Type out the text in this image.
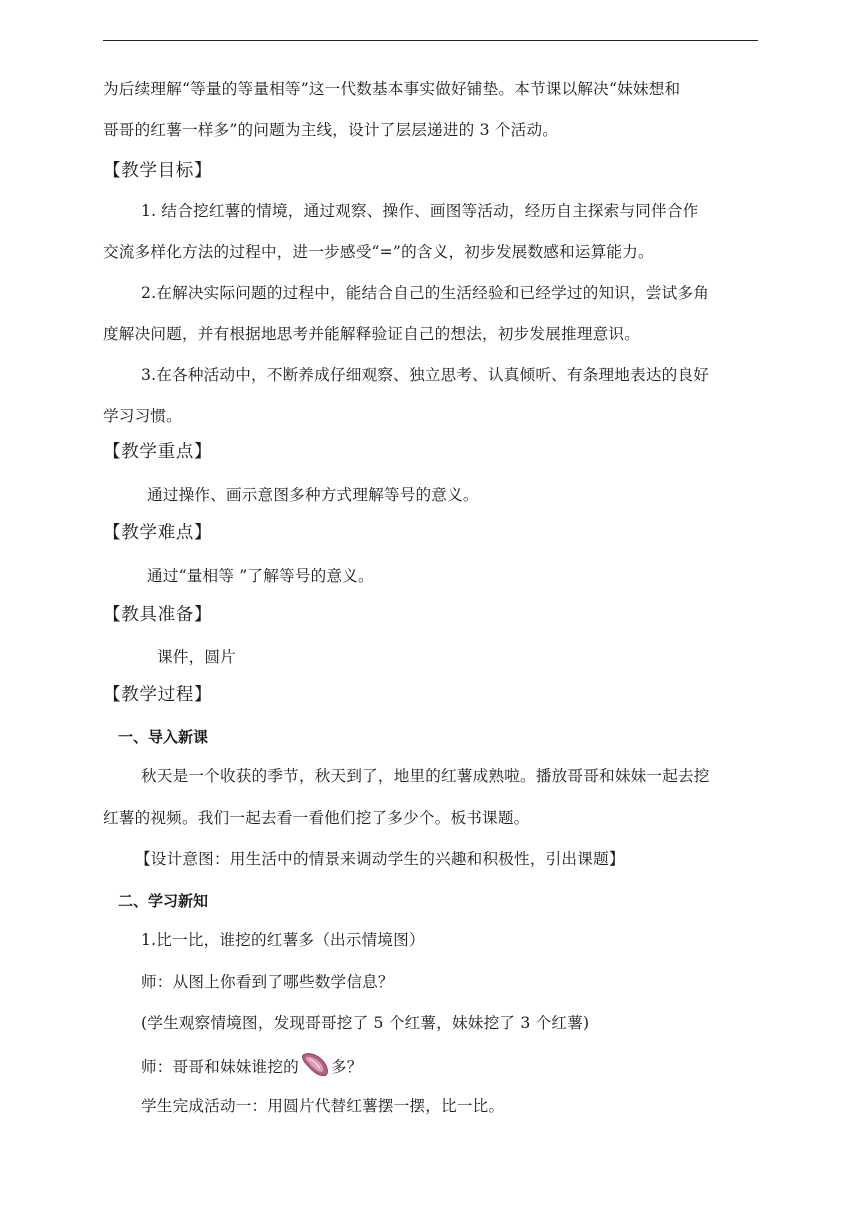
为后续理解“等量的等量相等”这一代数基本事实做好铺垫。本节课以解决“妹妹想和
哥哥的红薯一样多”的问题为主线，设计了层层递进的 3 个活动。
【教学目标】
1. 结合挖红薯的情境，通过观察、操作、画图等活动，经历自主探索与同伴合作
交流多样化方法的过程中，进一步感受“=”的含义，初步发展数感和运算能力。
2.在解决实际问题的过程中，能结合自己的生活经验和已经学过的知识，尝试多角
度解决问题，并有根据地思考并能解释验证自己的想法，初步发展推理意识。
3.在各种活动中，不断养成仔细观察、独立思考、认真倾听、有条理地表达的良好
学习习惯。
【教学重点】
通过操作、画示意图多种方式理解等号的意义。
【教学难点】
通过“量相等 ”了解等号的意义。
【教具准备】
课件，圆片
【教学过程】
一、导入新课
秋天是一个收获的季节，秋天到了，地里的红薯成熟啦。播放哥哥和妹妹一起去挖
红薯的视频。我们一起去看一看他们挖了多少个。板书课题。
【设计意图：用生活中的情景来调动学生的兴趣和积极性，引出课题】
二、学习新知
1.比一比，谁挖的红薯多（出示情境图）
师：从图上你看到了哪些数学信息？
(学生观察情境图，发现哥哥挖了 5 个红薯，妹妹挖了 3 个红薯)
师：哥哥和妹妹谁挖的 多？
学生完成活动一：用圆片代替红薯摆一摆，比一比。
